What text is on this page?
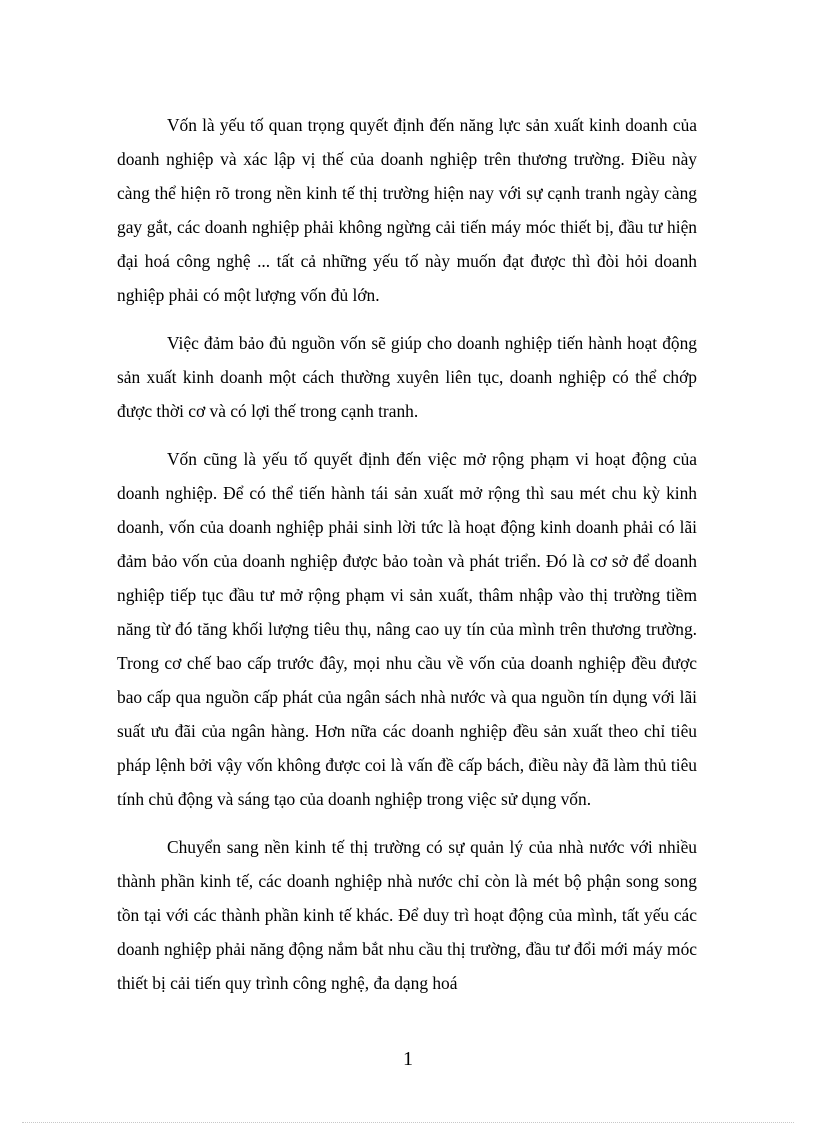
Vốn là yếu tố quan trọng quyết định đến năng lực sản xuất kinh doanh của doanh nghiệp và xác lập vị thế của doanh nghiệp trên thương trường. Điều này càng thể hiện rõ trong nền kinh tế thị trường hiện nay với sự cạnh tranh ngày càng gay gắt, các doanh nghiệp phải không ngừng cải tiến máy móc thiết bị, đầu tư hiện đại hoá công nghệ ... tất cả những yếu tố này muốn đạt được thì đòi hỏi doanh nghiệp phải có một lượng vốn đủ lớn.

Việc đảm bảo đủ nguồn vốn sẽ giúp cho doanh nghiệp tiến hành hoạt động sản xuất kinh doanh một cách thường xuyên liên tục, doanh nghiệp có thể chớp được thời cơ và có lợi thế trong cạnh tranh.

Vốn cũng là yếu tố quyết định đến việc mở rộng phạm vi hoạt động của doanh nghiệp. Để có thể tiến hành tái sản xuất mở rộng thì sau mét chu kỳ kinh doanh, vốn của doanh nghiệp phải sinh lời tức là hoạt động kinh doanh phải có lãi đảm bảo vốn của doanh nghiệp được bảo toàn và phát triển. Đó là cơ sở để doanh nghiệp tiếp tục đầu tư mở rộng phạm vi sản xuất, thâm nhập vào thị trường tiềm năng từ đó tăng khối lượng tiêu thụ, nâng cao uy tín của mình trên thương trường. Trong cơ chế bao cấp trước đây, mọi nhu cầu về vốn của doanh nghiệp đều được bao cấp qua nguồn cấp phát của ngân sách nhà nước và qua nguồn tín dụng với lãi suất ưu đãi của ngân hàng. Hơn nữa các doanh nghiệp đều sản xuất theo chỉ tiêu pháp lệnh bởi vậy vốn không được coi là vấn đề cấp bách, điều này đã làm thủ tiêu tính chủ động và sáng tạo của doanh nghiệp trong việc sử dụng vốn.

Chuyển sang nền kinh tế thị trường có sự quản lý của nhà nước với nhiều thành phần kinh tế, các doanh nghiệp nhà nước chỉ còn là mét bộ phận song song tồn tại với các thành phần kinh tế khác. Để duy trì hoạt động của mình, tất yếu các doanh nghiệp phải năng động nắm bắt nhu cầu thị trường, đầu tư đổi mới máy móc thiết bị cải tiến quy trình công nghệ, đa dạng hoá

1
